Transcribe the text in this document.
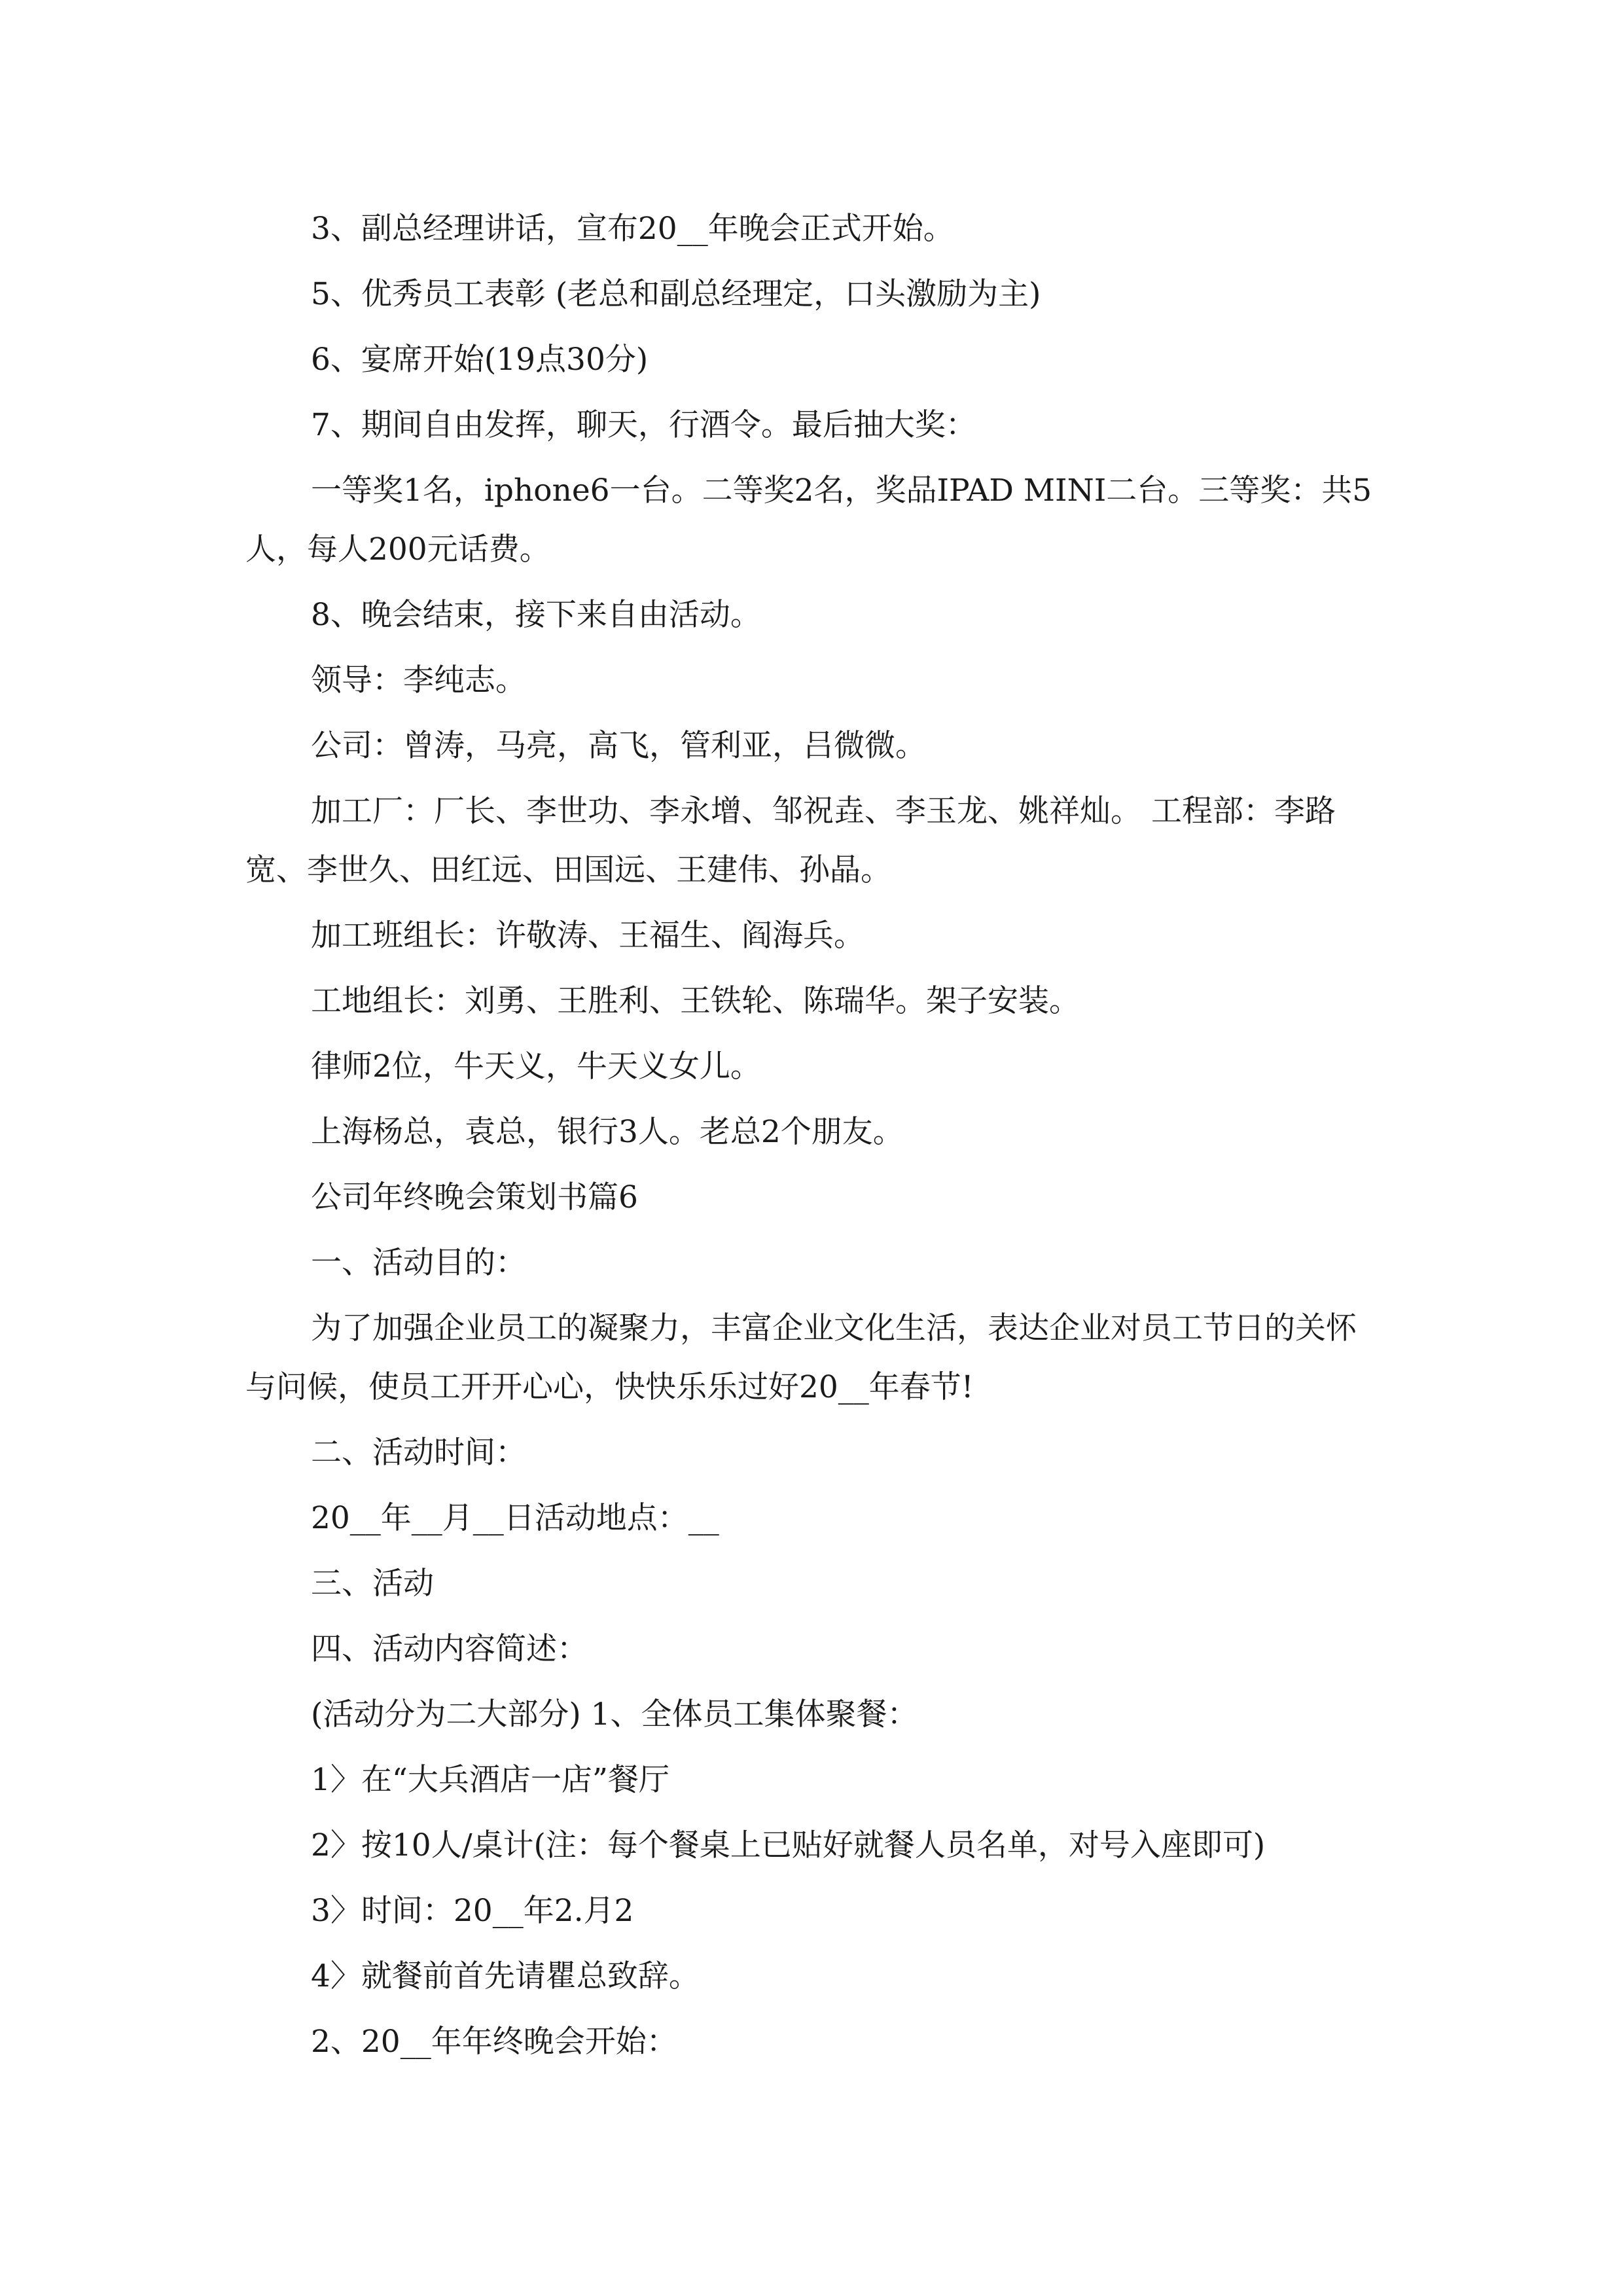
3、副总经理讲话，宣布20__年晚会正式开始。

5、优秀员工表彰 (老总和副总经理定，口头激励为主)

6、宴席开始(19点30分)

7、期间自由发挥，聊天，行酒令。最后抽大奖：

一等奖1名，iphone6一台。二等奖2名，奖品IPAD MINI二台。三等奖：共5人，每人200元话费。

8、晚会结束，接下来自由活动。

领导：李纯志。

公司：曾涛，马亮，高飞，管利亚，吕微微。

加工厂：厂长、李世功、李永增、邹祝垚、李玉龙、姚祥灿。 工程部：李路宽、李世久、田红远、田国远、王建伟、孙晶。

加工班组长：许敬涛、王福生、阎海兵。

工地组长：刘勇、王胜利、王铁轮、陈瑞华。架子安装。

律师2位，牛天义，牛天义女儿。

上海杨总，袁总，银行3人。老总2个朋友。

公司年终晚会策划书篇6

一、活动目的：

为了加强企业员工的凝聚力，丰富企业文化生活，表达企业对员工节日的关怀与问候，使员工开开心心，快快乐乐过好20__年春节!

二、活动时间：

20__年__月__日活动地点：__

三、活动

四、活动内容简述：

(活动分为二大部分) 1、全体员工集体聚餐：

1〉在“大兵酒店一店”餐厅

2〉按10人/桌计(注：每个餐桌上已贴好就餐人员名单，对号入座即可)

3〉时间：20__年2.月2

4〉就餐前首先请瞿总致辞。

2、20__年年终晚会开始：
